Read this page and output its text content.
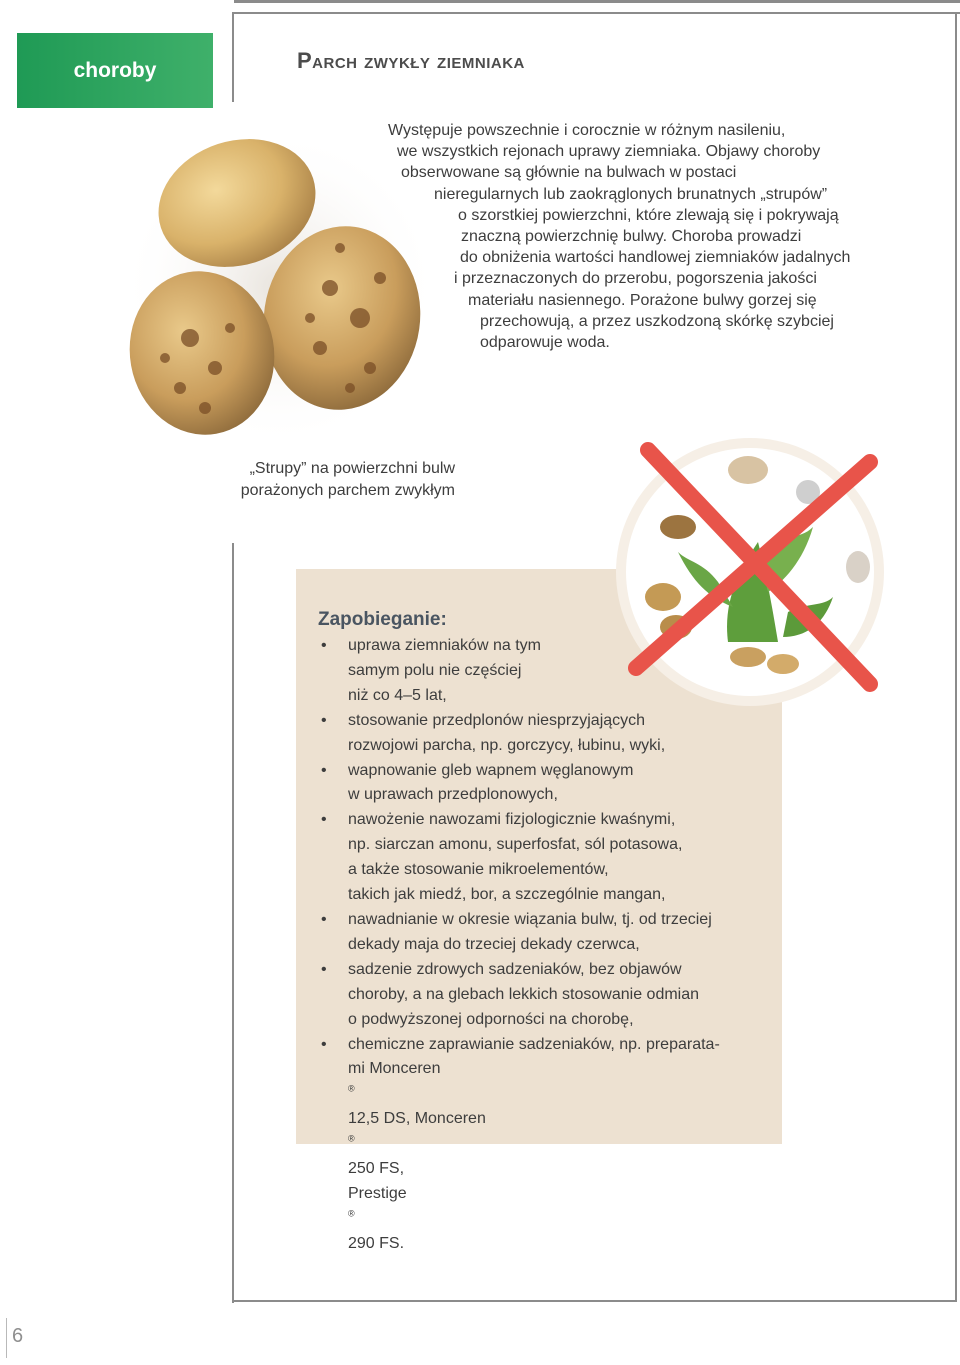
choroby	Parch zwykły ziemniaka
Występuje powszechnie i corocznie w różnym nasileniu,
we wszystkich rejonach uprawy ziemniaka. Objawy choroby
obserwowane są głównie na bulwach w postaci
nieregularnych lub zaokrąglonych brunatnych „strupów”
o szorstkiej powierzchni, które zlewają się i pokrywają
znaczną powierzchnię bulwy. Choroba prowadzi
do obniżenia wartości handlowej ziemniaków jadalnych
i przeznaczonych do przerobu, pogorszenia jakości
materiału nasiennego. Porażone bulwy gorzej się
przechowują, a przez uszkodzoną skórkę szybciej
odparowuje woda.
„Strupy” na powierzchni bulw
porażonych parchem zwykłym
Zapobieganie:
• uprawa ziemniaków na tym
samym polu nie częściej
niż co 4–5 lat,
• stosowanie przedplonów niesprzyjających
rozwojowi parcha, np. gorczycy, łubinu, wyki,
• wapnowanie gleb wapnem węglanowym
w uprawach przedplonowych,
• nawożenie nawozami fizjologicznie kwaśnymi,
np. siarczan amonu, superfosfat, sól potasowa,
a także stosowanie mikroelementów,
takich jak miedź, bor, a szczególnie mangan,
• nawadnianie w okresie wiązania bulw, tj. od trzeciej
dekady maja do trzeciej dekady czerwca,
• sadzenie zdrowych sadzeniaków, bez objawów
choroby, a na glebach lekkich stosowanie odmian
o podwyższonej odporności na chorobę,
• chemiczne zaprawianie sadzeniaków, np. preparata-
mi Monceren
®
12,5 DS, Monceren
®
250 FS,
Prestige
®
290 FS.
6
